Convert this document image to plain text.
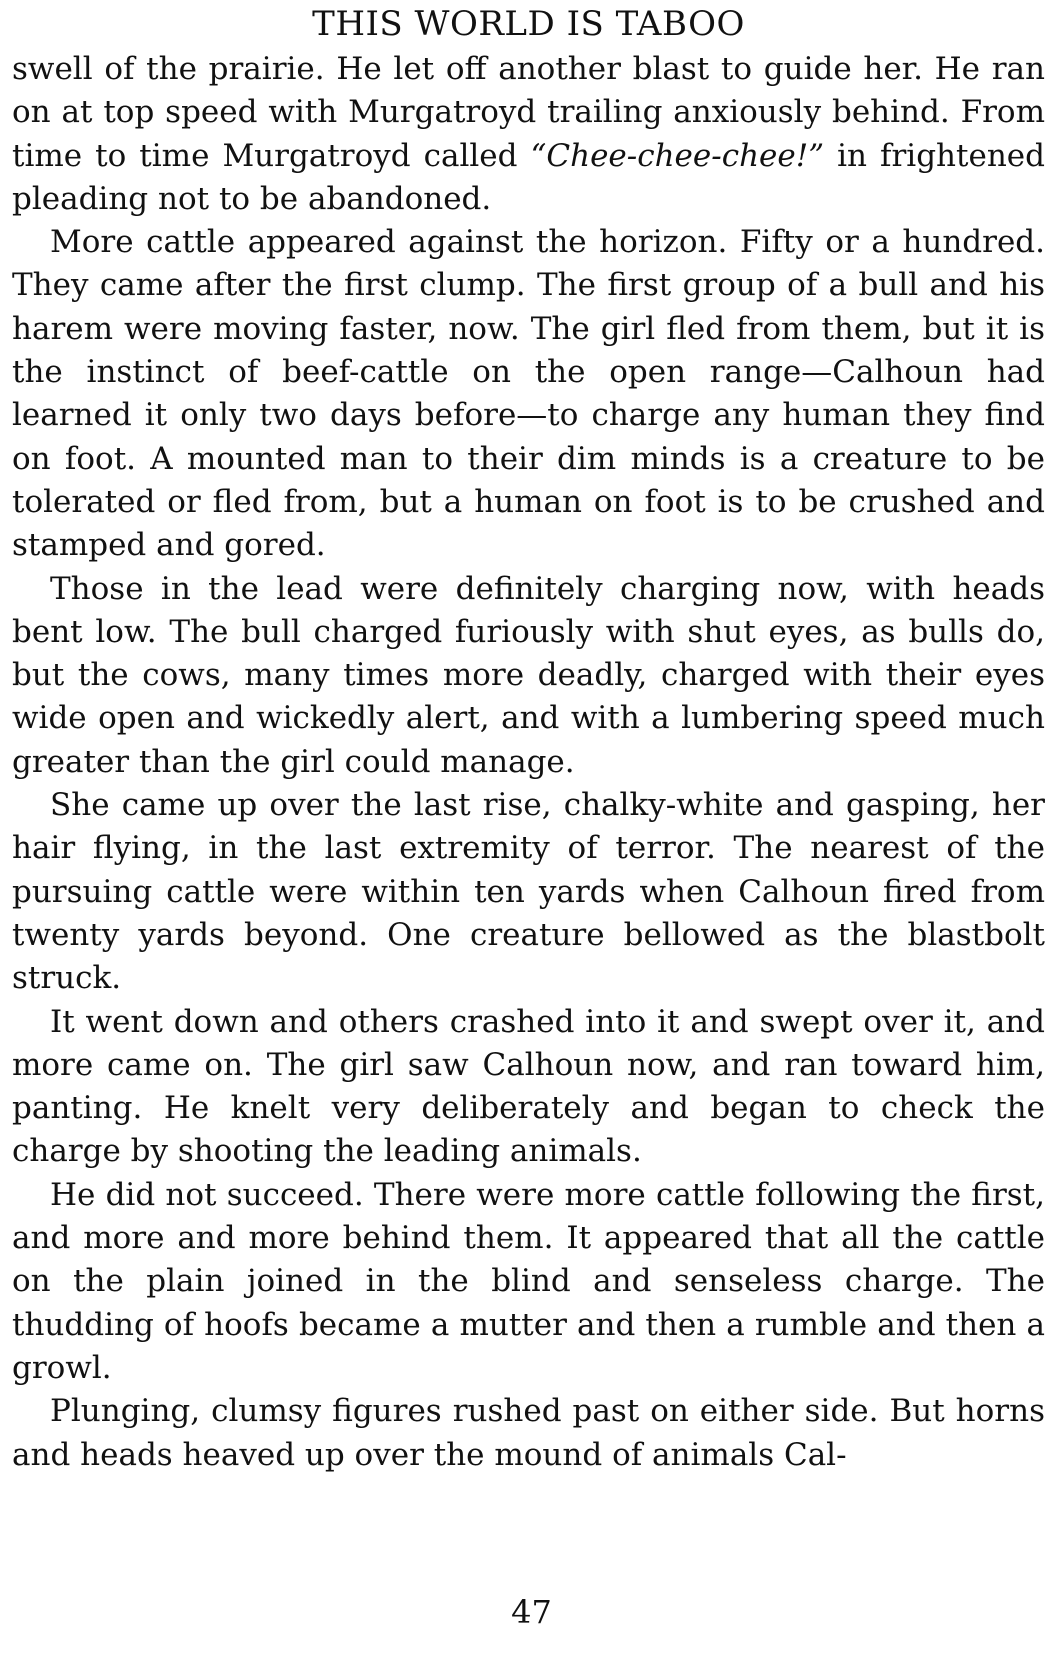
THIS WORLD IS TABOO

swell of the prairie. He let off another blast to guide her. He ran on at top speed with Murgatroyd trailing anxiously behind. From time to time Murgatroyd called “Chee-chee-chee!” in frightened pleading not to be abandoned.

More cattle appeared against the horizon. Fifty or a hundred. They came after the first clump. The first group of a bull and his harem were moving faster, now. The girl fled from them, but it is the instinct of beef-cattle on the open range—Calhoun had learned it only two days before—to charge any human they find on foot. A mounted man to their dim minds is a creature to be tolerated or fled from, but a human on foot is to be crushed and stamped and gored.

Those in the lead were definitely charging now, with heads bent low. The bull charged furiously with shut eyes, as bulls do, but the cows, many times more deadly, charged with their eyes wide open and wickedly alert, and with a lumbering speed much greater than the girl could manage.

She came up over the last rise, chalky-white and gasping, her hair flying, in the last extremity of terror. The nearest of the pursuing cattle were within ten yards when Calhoun fired from twenty yards beyond. One creature bellowed as the blastbolt struck.

It went down and others crashed into it and swept over it, and more came on. The girl saw Calhoun now, and ran toward him, panting. He knelt very deliberately and began to check the charge by shooting the leading animals.

He did not succeed. There were more cattle following the first, and more and more behind them. It appeared that all the cattle on the plain joined in the blind and senseless charge. The thudding of hoofs became a mutter and then a rumble and then a growl.

Plunging, clumsy figures rushed past on either side. But horns and heads heaved up over the mound of animals Cal-

47
